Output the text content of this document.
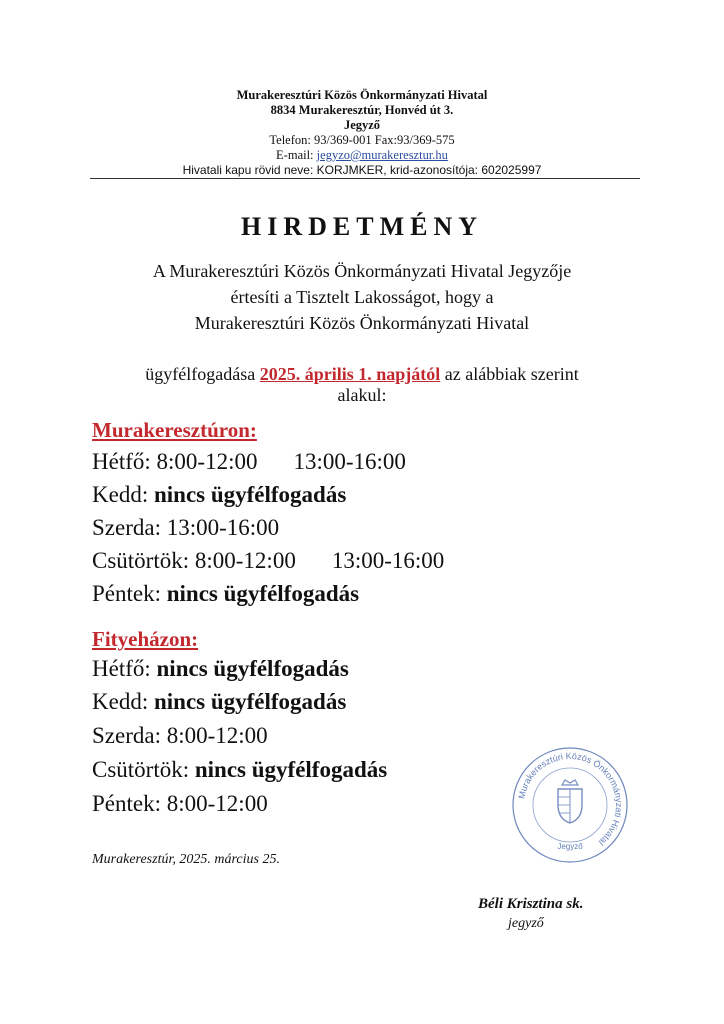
Murakeresztúri Közös Önkormányzati Hivatal
8834 Murakeresztúr, Honvéd út 3.
Jegyző
Telefon: 93/369-001 Fax:93/369-575
E-mail: jegyzo@murakeresztur.hu
Hivatali kapu rövid neve: KORJMKER, krid-azonosítója: 602025997
HIRDETMÉNY
A Murakeresztúri Közös Önkormányzati Hivatal Jegyzője
értesíti a Tisztelt Lakosságot, hogy a
Murakeresztúri Közös Önkormányzati Hivatal
ügyfélfogadása 2025. április 1. napjától az alábbiak szerint
alakul:
Murakeresztúron:
Hétfő: 8:00-12:00 13:00-16:00
Kedd: nincs ügyfélfogadás
Szerda: 13:00-16:00
Csütörtök: 8:00-12:00 13:00-16:00
Péntek: nincs ügyfélfogadás
Fityeházon:
Hétfő: nincs ügyfélfogadás
Kedd: nincs ügyfélfogadás
Szerda: 8:00-12:00
Csütörtök: nincs ügyfélfogadás
Péntek: 8:00-12:00	Murakeresztúri Közös Önkormányzati Hivatal
Jegyző
Murakeresztúr, 2025. március 25.
Béli Krisztina sk.
jegyző
